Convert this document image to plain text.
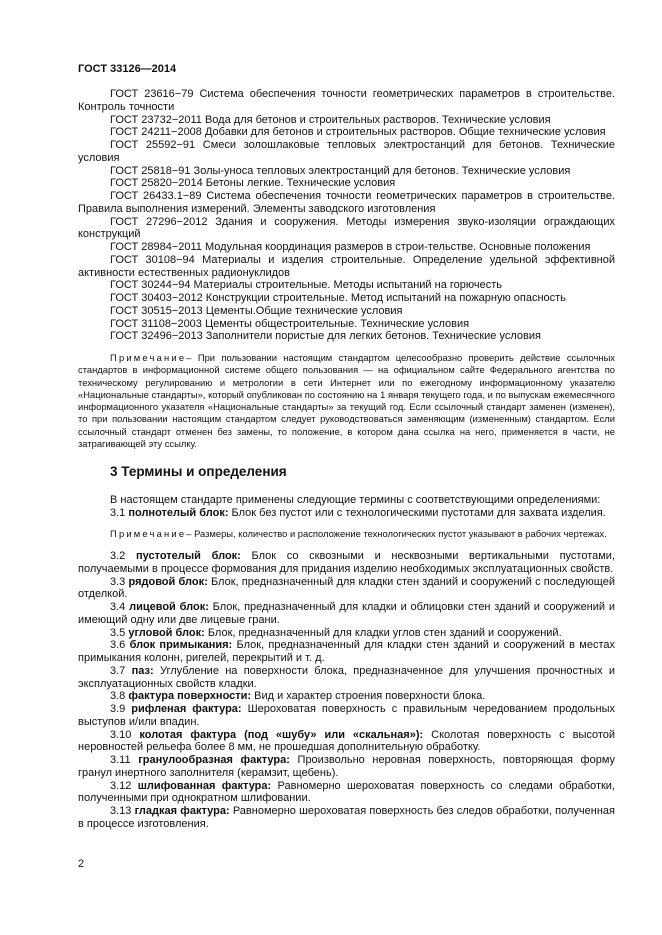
ГОСТ 33126—2014

ГОСТ 23616−79 Система обеспечения точности геометрических параметров в строительстве. Контроль точности

ГОСТ 23732−2011 Вода для бетонов и строительных растворов. Технические условия

ГОСТ 24211−2008 Добавки для бетонов и строительных растворов. Общие технические условия

ГОСТ 25592−91 Смеси золошлаковые тепловых электростанций для бетонов. Технические условия

ГОСТ 25818−91 Золы-уноса тепловых электростанций для бетонов. Технические условия

ГОСТ 25820−2014 Бетоны легкие. Технические условия

ГОСТ 26433.1−89 Система обеспечения точности геометрических параметров в строительстве. Правила выполнения измерений. Элементы заводского изготовления

ГОСТ 27296−2012 Здания и сооружения. Методы измерения звуко-изоляции ограждающих конструкций

ГОСТ 28984−2011 Модульная координация размеров в строи-тельстве. Основные положения

ГОСТ 30108−94 Материалы и изделия строительные. Определение удельной эффективной активности естественных радионуклидов

ГОСТ 30244−94 Материалы строительные. Методы испытаний на горючесть

ГОСТ 30403−2012 Конструкции строительные. Метод испытаний на пожарную опасность

ГОСТ 30515−2013 Цементы.Общие технические условия

ГОСТ 31108−2003 Цементы общестроительные. Технические условия

ГОСТ 32496−2013 Заполнители пористые для легких бетонов. Технические условия

Примечание– При пользовании настоящим стандартом целесообразно проверить действие ссылочных стандартов в информационной системе общего пользования — на официальном сайте Федерального агентства по техническому регулированию и метрологии в сети Интернет или по ежегодному информационному указателю «Национальные стандарты», который опубликован по состоянию на 1 января текущего года, и по выпускам ежемесячного информационного указателя «Национальные стандарты» за текущий год. Если ссылочный стандарт заменен (изменен), то при пользовании настоящим стандартом следует руководствоваться заменяющим (измененным) стандартом. Если ссылочный стандарт отменен без замены, то положение, в котором дана ссылка на него, применяется в части, не затрагивающей эту ссылку.

3 Термины и определения

В настоящем стандарте применены следующие термины с соответствующими определениями:

3.1 полнотелый блок: Блок без пустот или с технологическими пустотами для захвата изделия.

Примечание– Размеры, количество и расположение технологических пустот указывают в рабочих чертежах.

3.2 пустотелый блок: Блок со сквозными и несквозными вертикальными пустотами, получаемыми в процессе формования для придания изделию необходимых эксплуатационных свойств.

3.3 рядовой блок: Блок, предназначенный для кладки стен зданий и сооружений с последующей отделкой.

3.4 лицевой блок: Блок, предназначенный для кладки и облицовки стен зданий и сооружений и имеющий одну или две лицевые грани.

3.5 угловой блок: Блок, предназначенный для кладки углов стен зданий и сооружений.

3.6 блок примыкания: Блок, предназначенный для кладки стен зданий и сооружений в местах примыкания колонн, ригелей, перекрытий и т. д.

3.7 паз: Углубление на поверхности блока, предназначенное для улучшения прочностных и эксплуатационных свойств кладки.

3.8 фактура поверхности: Вид и характер строения поверхности блока.

3.9 рифленая фактура: Шероховатая поверхность с правильным чередованием продольных выступов и/или впадин.

3.10 колотая фактура (под «шубу» или «скальная»): Сколотая поверхность с высотой неровностей рельефа более 8 мм, не прошедшая дополнительную обработку.

3.11 гранулообразная фактура: Произвольно неровная поверхность, повторяющая форму гранул инертного заполнителя (керамзит, щебень).

3.12 шлифованная фактура: Равномерно шероховатая поверхность со следами обработки, полученными при однократном шлифовании.

3.13 гладкая фактура: Равномерно шероховатая поверхность без следов обработки, полученная в процессе изготовления.

2
